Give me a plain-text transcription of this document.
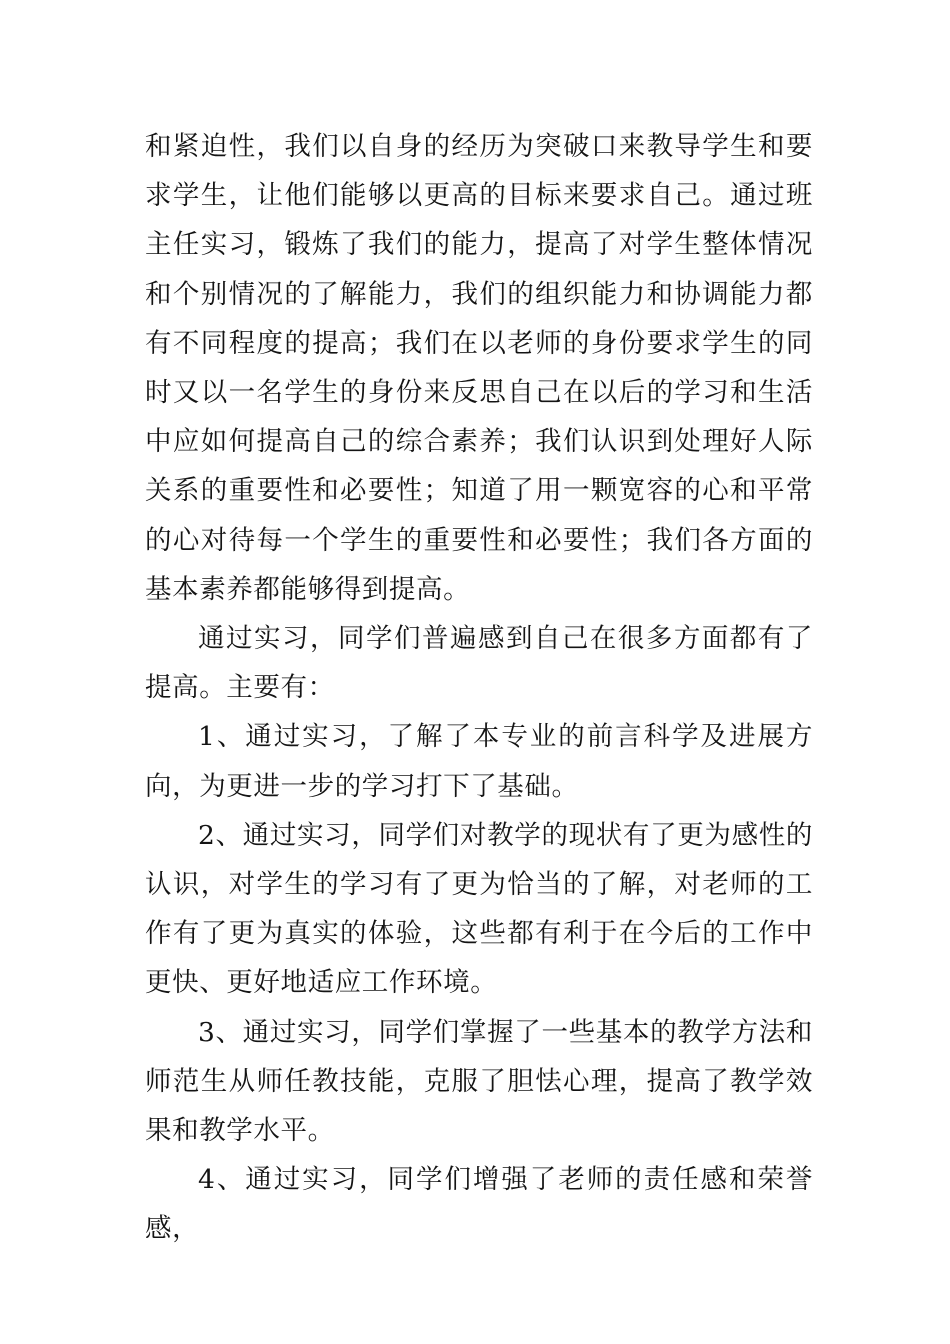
和紧迫性，我们以自身的经历为突破口来教导学生和要求学生，让他们能够以更高的目标来要求自己。通过班主任实习，锻炼了我们的能力，提高了对学生整体情况和个别情况的了解能力，我们的组织能力和协调能力都有不同程度的提高；我们在以老师的身份要求学生的同时又以一名学生的身份来反思自己在以后的学习和生活中应如何提高自己的综合素养；我们认识到处理好人际关系的重要性和必要性；知道了用一颗宽容的心和平常的心对待每一个学生的重要性和必要性；我们各方面的基本素养都能够得到提高。

通过实习，同学们普遍感到自己在很多方面都有了提高。主要有：

1、通过实习，了解了本专业的前言科学及进展方向，为更进一步的学习打下了基础。

2、通过实习，同学们对教学的现状有了更为感性的认识，对学生的学习有了更为恰当的了解，对老师的工作有了更为真实的体验，这些都有利于在今后的工作中更快、更好地适应工作环境。

3、通过实习，同学们掌握了一些基本的教学方法和师范生从师任教技能，克服了胆怯心理，提高了教学效果和教学水平。

4、通过实习，同学们增强了老师的责任感和荣誉感，
